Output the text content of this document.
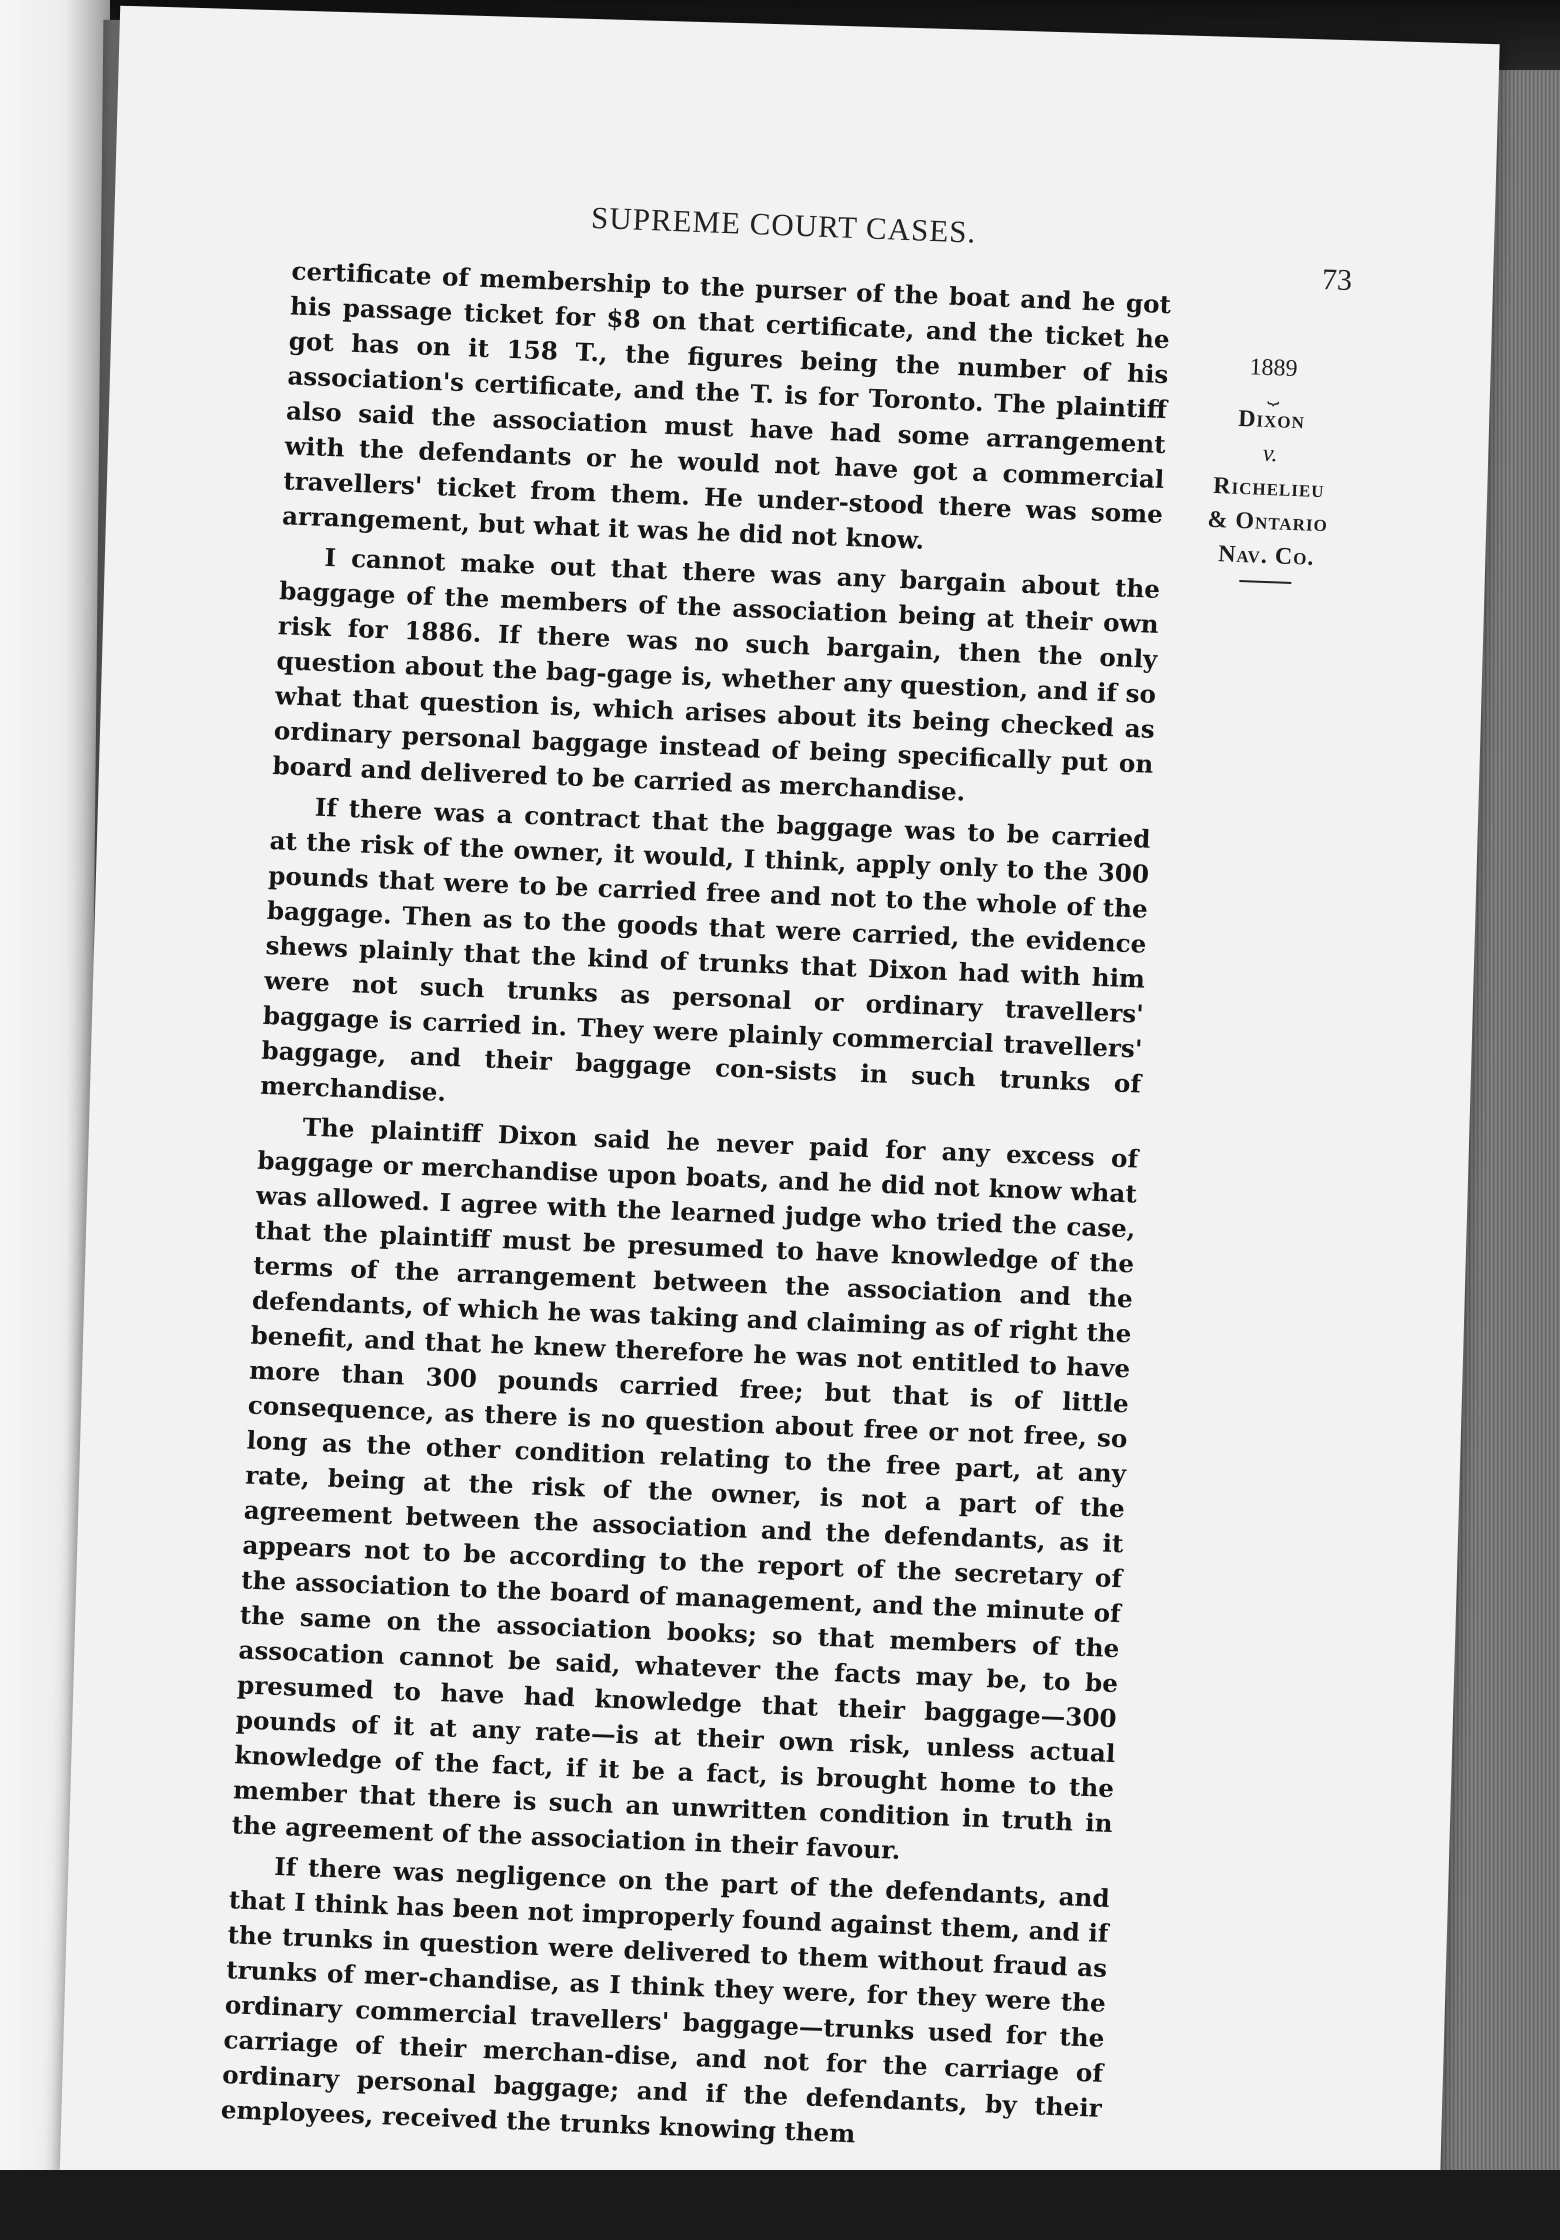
SUPREME COURT CASES.
73

certificate of membership to the purser of the boat and he got his passage ticket for $8 on that certificate, and the ticket he got has on it 158 T., the figures being the number of his association's certificate, and the T. is for Toronto. The plaintiff also said the association must have had some arrangement with the defendants or he would not have got a commercial travellers' ticket from them. He under-stood there was some arrangement, but what it was he did not know.

I cannot make out that there was any bargain about the baggage of the members of the association being at their own risk for 1886. If there was no such bargain, then the only question about the bag-gage is, whether any question, and if so what that question is, which arises about its being checked as ordinary personal baggage instead of being specifically put on board and delivered to be carried as merchandise.

If there was a contract that the baggage was to be carried at the risk of the owner, it would, I think, apply only to the 300 pounds that were to be carried free and not to the whole of the baggage. Then as to the goods that were carried, the evidence shews plainly that the kind of trunks that Dixon had with him were not such trunks as personal or ordinary travellers' baggage is carried in. They were plainly commercial travellers' baggage, and their baggage con-sists in such trunks of merchandise.

The plaintiff Dixon said he never paid for any excess of baggage or merchandise upon boats, and he did not know what was allowed. I agree with the learned judge who tried the case, that the plaintiff must be presumed to have knowledge of the terms of the arrangement between the association and the defendants, of which he was taking and claiming as of right the benefit, and that he knew therefore he was not entitled to have more than 300 pounds carried free; but that is of little consequence, as there is no question about free or not free, so long as the other condition relating to the free part, at any rate, being at the risk of the owner, is not a part of the agreement between the association and the defendants, as it appears not to be according to the report of the secretary of the association to the board of management, and the minute of the same on the association books; so that members of the assocation cannot be said, whatever the facts may be, to be presumed to have had knowledge that their baggage—300 pounds of it at any rate—is at their own risk, unless actual knowledge of the fact, if it be a fact, is brought home to the member that there is such an unwritten condition in truth in the agreement of the association in their favour.

If there was negligence on the part of the defendants, and that I think has been not improperly found against them, and if the trunks in question were delivered to them without fraud as trunks of mer-chandise, as I think they were, for they were the ordinary commercial travellers' baggage—trunks used for the carriage of their merchan-dise, and not for the carriage of ordinary personal baggage; and if the defendants, by their employees, received the trunks knowing them

1889
⏟
Dixon
v.
Richelieu
& Ontario
Nav. Co.
